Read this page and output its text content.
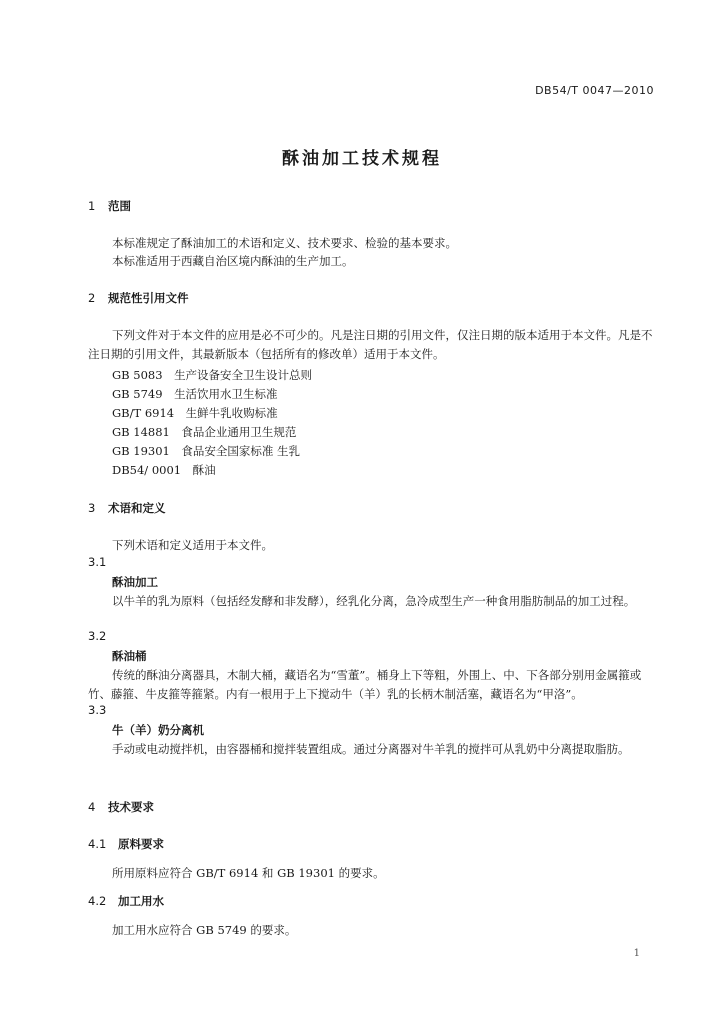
DB54/T 0047—2010

酥油加工技术规程
1 范围

本标准规定了酥油加工的术语和定义、技术要求、检验的基本要求。

本标准适用于西藏自治区境内酥油的生产加工。

2 规范性引用文件

下列文件对于本文件的应用是必不可少的。凡是注日期的引用文件，仅注日期的版本适用于本文件。凡是不注日期的引用文件，其最新版本（包括所有的修改单）适用于本文件。

GB 5083　 生产设备安全卫生设计总则
GB 5749　 生活饮用水卫生标准
GB/T 6914　 生鲜牛乳收购标准
GB 14881　 食品企业通用卫生规范
GB 19301　 食品安全国家标准 生乳
DB54/ 0001　 酥油
3 术语和定义

下列术语和定义适用于本文件。

3.1
酥油加工

以牛羊的乳为原料（包括经发酵和非发酵），经乳化分离，急冷成型生产一种食用脂肪制品的加工过程。

3.2
酥油桶

传统的酥油分离器具，木制大桶，藏语名为“雪董”。桶身上下等粗，外围上、中、下各部分别用金属箍或竹、藤箍、牛皮箍等箍紧。内有一根用于上下搅动牛（羊）乳的长柄木制活塞，藏语名为“甲洛”。

3.3
牛（羊）奶分离机

手动或电动搅拌机，由容器桶和搅拌装置组成。通过分离器对牛羊乳的搅拌可从乳奶中分离提取脂肪。

4 技术要求
4.1 原料要求

所用原料应符合 GB/T 6914 和 GB 19301 的要求。

4.2 加工用水

加工用水应符合 GB 5749 的要求。

1
